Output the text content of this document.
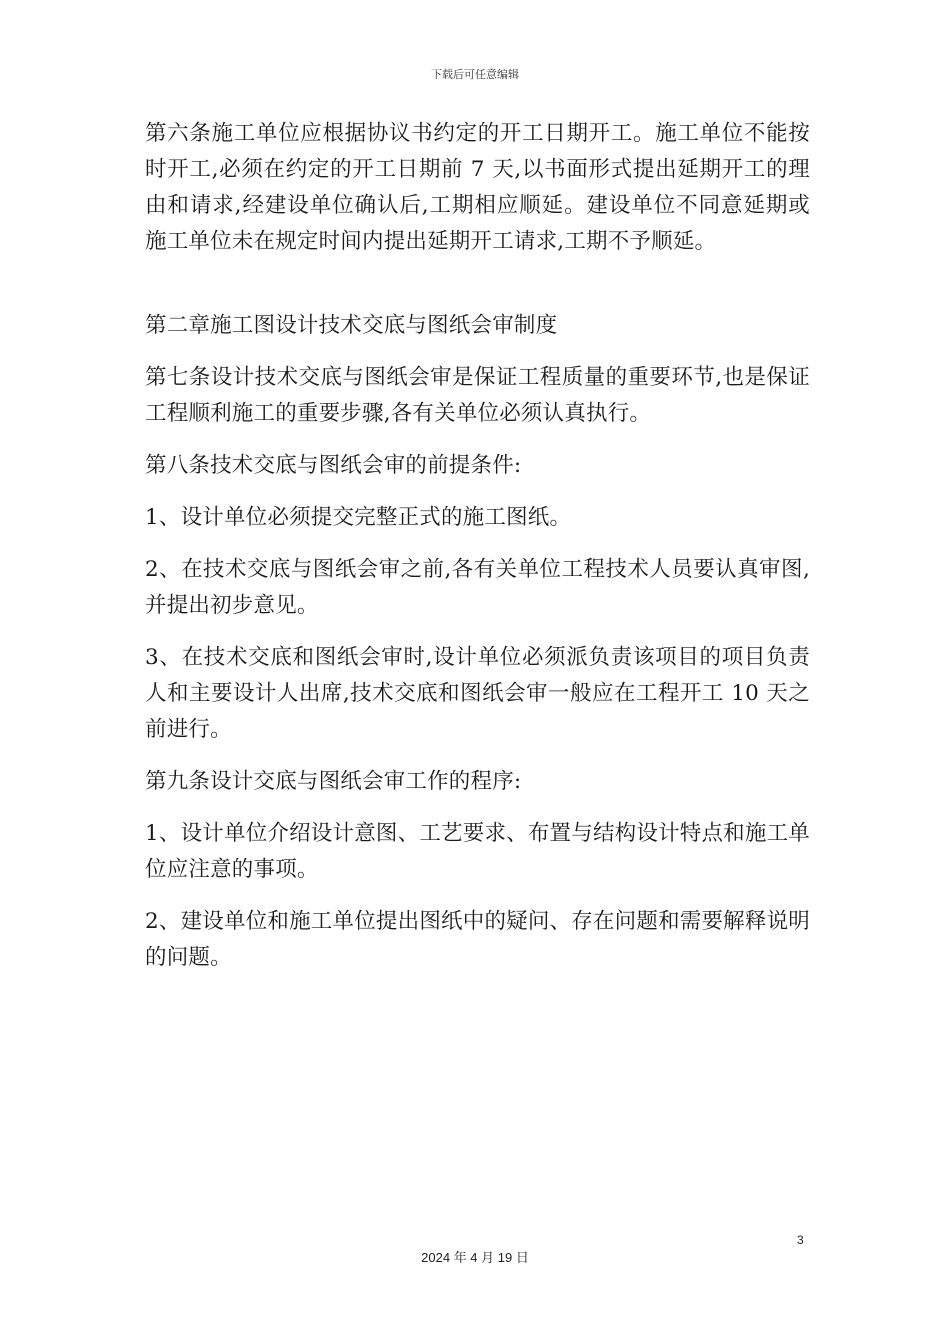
下载后可任意编辑

第六条施工单位应根据协议书约定的开工日期开工。施工单位不能按时开工,必须在约定的开工日期前 7 天,以书面形式提出延期开工的理由和请求,经建设单位确认后,工期相应顺延。建设单位不同意延期或施工单位未在规定时间内提出延期开工请求,工期不予顺延。

第二章施工图设计技术交底与图纸会审制度

第七条设计技术交底与图纸会审是保证工程质量的重要环节,也是保证工程顺利施工的重要步骤,各有关单位必须认真执行。

第八条技术交底与图纸会审的前提条件:

1、设计单位必须提交完整正式的施工图纸。

2、在技术交底与图纸会审之前,各有关单位工程技术人员要认真审图,并提出初步意见。

3、在技术交底和图纸会审时,设计单位必须派负责该项目的项目负责人和主要设计人出席,技术交底和图纸会审一般应在工程开工 10 天之前进行。

第九条设计交底与图纸会审工作的程序:

1、设计单位介绍设计意图、工艺要求、布置与结构设计特点和施工单位应注意的事项。

2、建设单位和施工单位提出图纸中的疑问、存在问题和需要解释说明的问题。

3
2024 年 4 月 19 日
